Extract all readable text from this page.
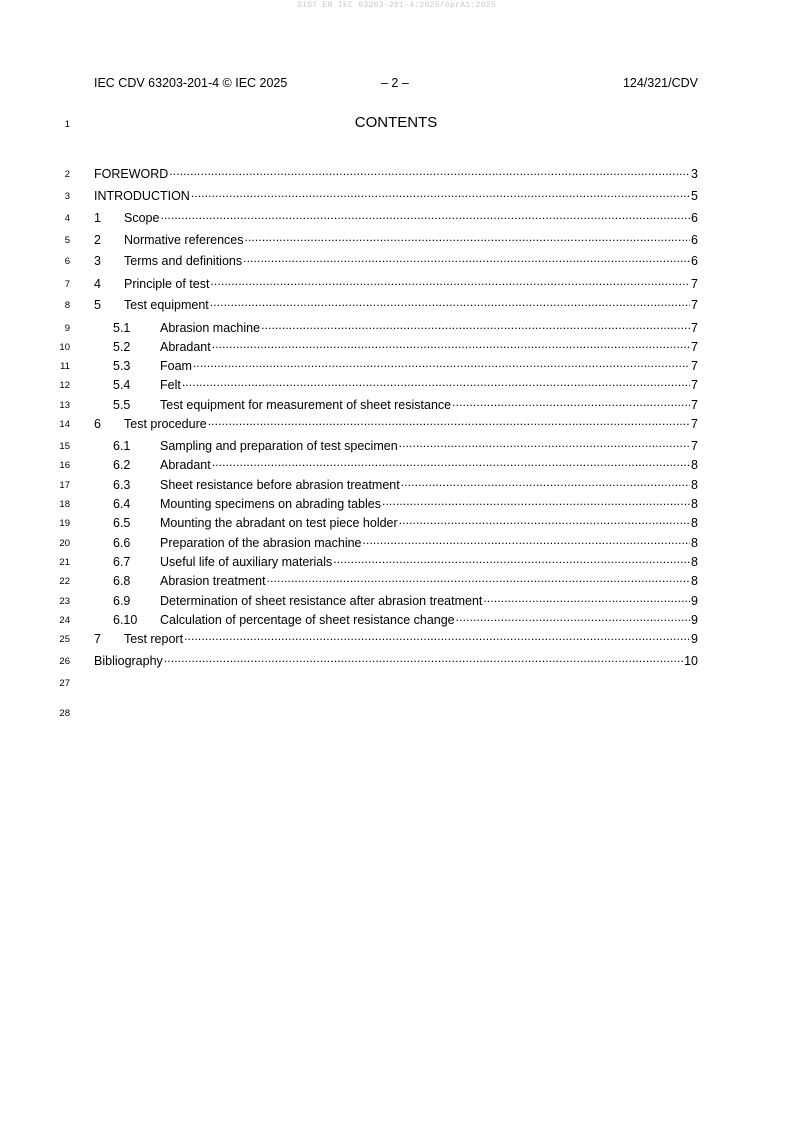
SIST EN IEC 63203-201-4:2025/oprA1:2025
IEC CDV 63203-201-4 © IEC 2025	– 2 –	124/321/CDV
1	CONTENTS
FOREWORD . . .	3
INTRODUCTION . . .	5
1	Scope . . .	6
2	Normative references . . .	6
3	Terms and definitions . . .	6
4	Principle of test . . .	7
5	Test equipment . . .	7
5.1	Abrasion machine . . .	7
5.2	Abradant . . .	7
5.3	Foam . . .	7
5.4	Felt . . .	7
5.5	Test equipment for measurement of sheet resistance . . .	7
6	Test procedure . . .	7
6.1	Sampling and preparation of test specimen . . .	7
6.2	Abradant . . .	8
6.3	Sheet resistance before abrasion treatment . . .	8
6.4	Mounting specimens on abrading tables . . .	8
6.5	Mounting the abradant on test piece holder . . .	8
6.6	Preparation of the abrasion machine . . .	8
6.7	Useful life of auxiliary materials . . .	8
6.8	Abrasion treatment . . .	8
6.9	Determination of sheet resistance after abrasion treatment . . .	9
6.10	Calculation of percentage of sheet resistance change . . .	9
7	Test report . . .	9
Bibliography . . .	10
27
28
2
3
4
5
6
7
8
9
10
11
12
13
14
15
16
17
18
19
20
21
22
23
24
25
26
